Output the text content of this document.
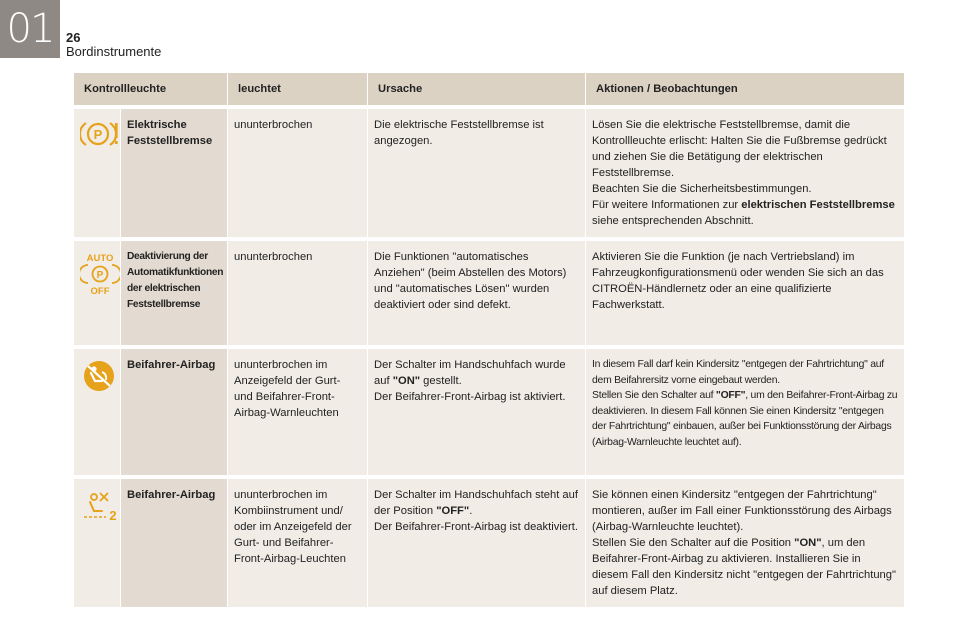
01 26
Bordinstrumente
Kontrollleuchte		leuchtet	Ursache	Aktionen / Beobachtungen

P	Elektrische Feststellbremse	ununterbrochen	Die elektrische Feststellbremse ist angezogen.	Lösen Sie die elektrische Feststellbremse, damit die Kontrollleuchte erlischt: Halten Sie die Fußbremse gedrückt und ziehen Sie die Betätigung der elektrischen Feststellbremse.
Beachten Sie die Sicherheitsbestimmungen.
Für weitere Informationen zur elektrischen Feststellbremse siehe entsprechenden Abschnitt.

AUTO
P
OFF	Deaktivierung der Automatikfunktionen der elektrischen Feststellbremse	ununterbrochen	Die Funktionen "automatisches Anziehen" (beim Abstellen des Motors) und "automatisches Lösen" wurden deaktiviert oder sind defekt.	Aktivieren Sie die Funktion (je nach Vertriebsland) im Fahrzeugkonfigurationsmenü oder wenden Sie sich an das CITROËN-Händlernetz oder an eine qualifizierte Fachwerkstatt.
	Beifahrer-Airbag	ununterbrochen im Anzeigefeld der Gurt- und Beifahrer-Front-Airbag-Warnleuchten	Der Schalter im Handschuhfach wurde auf "ON" gestellt.
Der Beifahrer-Front-Airbag ist aktiviert.	In diesem Fall darf kein Kindersitz "entgegen der Fahrtrichtung" auf dem Beifahrersitz vorne eingebaut werden.
Stellen Sie den Schalter auf "OFF", um den Beifahrer-Front-Airbag zu deaktivieren. In diesem Fall können Sie einen Kindersitz "entgegen der Fahrtrichtung" einbauen, außer bei Funktionsstörung der Airbags (Airbag-Warnleuchte leuchtet auf).

2	Beifahrer-Airbag	ununterbrochen im Kombiinstrument und/ oder im Anzeigefeld der Gurt- und Beifahrer-Front-Airbag-Leuchten	Der Schalter im Handschuhfach steht auf der Position "OFF".
Der Beifahrer-Front-Airbag ist deaktiviert.	Sie können einen Kindersitz "entgegen der Fahrtrichtung" montieren, außer im Fall einer Funktionsstörung des Airbags (Airbag-Warnleuchte leuchtet).
Stellen Sie den Schalter auf die Position "ON", um den Beifahrer-Front-Airbag zu aktivieren. Installieren Sie in diesem Fall den Kindersitz nicht "entgegen der Fahrtrichtung" auf diesem Platz.
